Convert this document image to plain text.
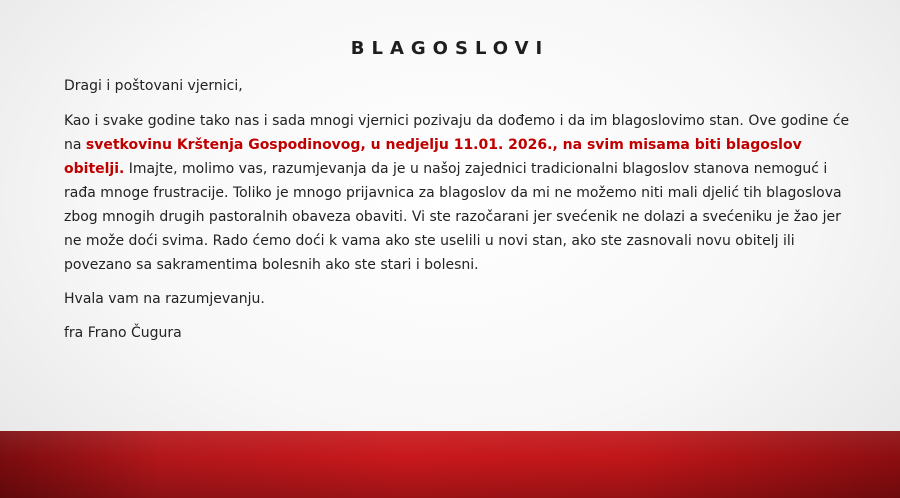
BLAGOSLOVI

Dragi i poštovani vjernici,

Kao i svake godine tako nas i sada mnogi vjernici pozivaju da dođemo i da im blagoslovimo stan. Ove godine će na svetkovinu Krštenja Gospodinovog, u nedjelju 11.01. 2026., na svim misama biti blagoslov obitelji. Imajte, molimo vas, razumjevanja da je u našoj zajednici tradicionalni blagoslov stanova nemoguć i rađa mnoge frustracije. Toliko je mnogo prijavnica za blagoslov da mi ne možemo niti mali djelić tih blagoslova zbog mnogih drugih pastoralnih obaveza obaviti. Vi ste razočarani jer svećenik ne dolazi a svećeniku je žao jer ne može doći svima. Rado ćemo doći k vama ako ste uselili u novi stan, ako ste zasnovali novu obitelj ili povezano sa sakramentima bolesnih ako ste stari i bolesni.

Hvala vam na razumjevanju.

fra Frano Čugura
